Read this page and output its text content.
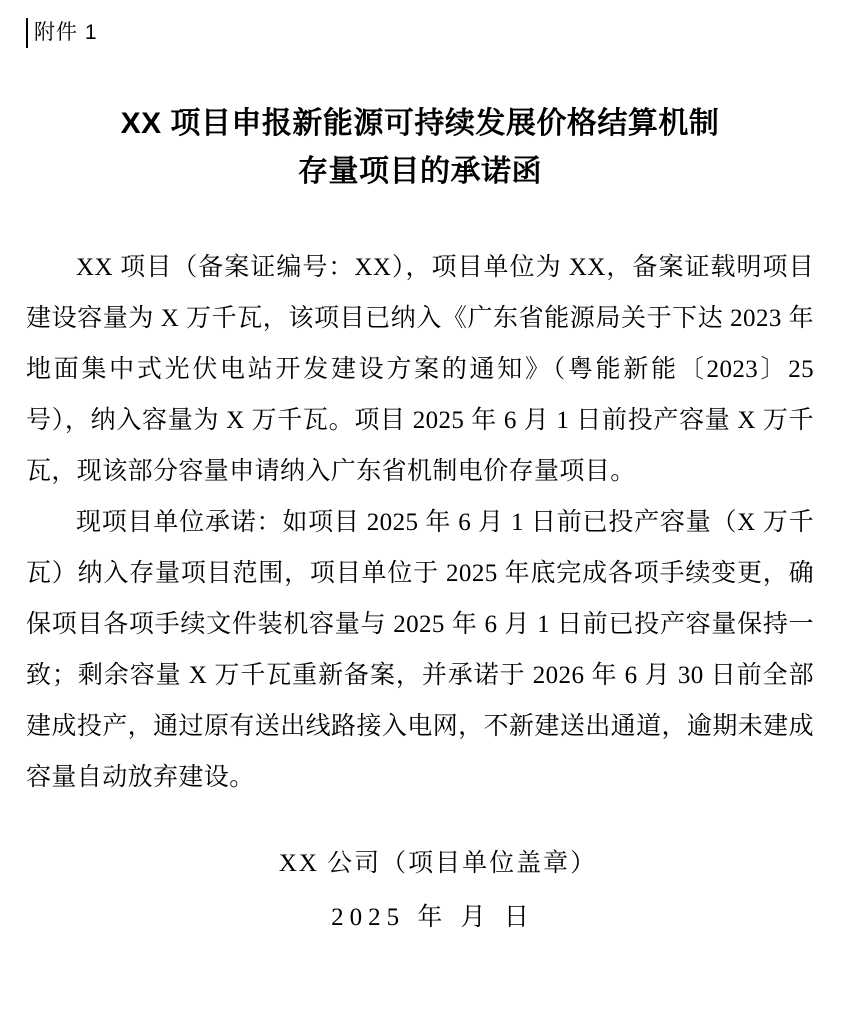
附件 1
XX 项目申报新能源可持续发展价格结算机制
存量项目的承诺函

XX 项目（备案证编号：XX），项目单位为 XX，备案证载明项目建设容量为 X 万千瓦，该项目已纳入《广东省能源局关于下达 2023 年地面集中式光伏电站开发建设方案的通知》（粤能新能〔2023〕25 号），纳入容量为 X 万千瓦。项目 2025 年 6 月 1 日前投产容量 X 万千瓦，现该部分容量申请纳入广东省机制电价存量项目。

现项目单位承诺：如项目 2025 年 6 月 1 日前已投产容量（X 万千瓦）纳入存量项目范围，项目单位于 2025 年底完成各项手续变更，确保项目各项手续文件装机容量与 2025 年 6 月 1 日前已投产容量保持一致；剩余容量 X 万千瓦重新备案，并承诺于 2026 年 6 月 30 日前全部建成投产，通过原有送出线路接入电网，不新建送出通道，逾期未建成容量自动放弃建设。

XX 公司（项目单位盖章）
2025 年 月 日
